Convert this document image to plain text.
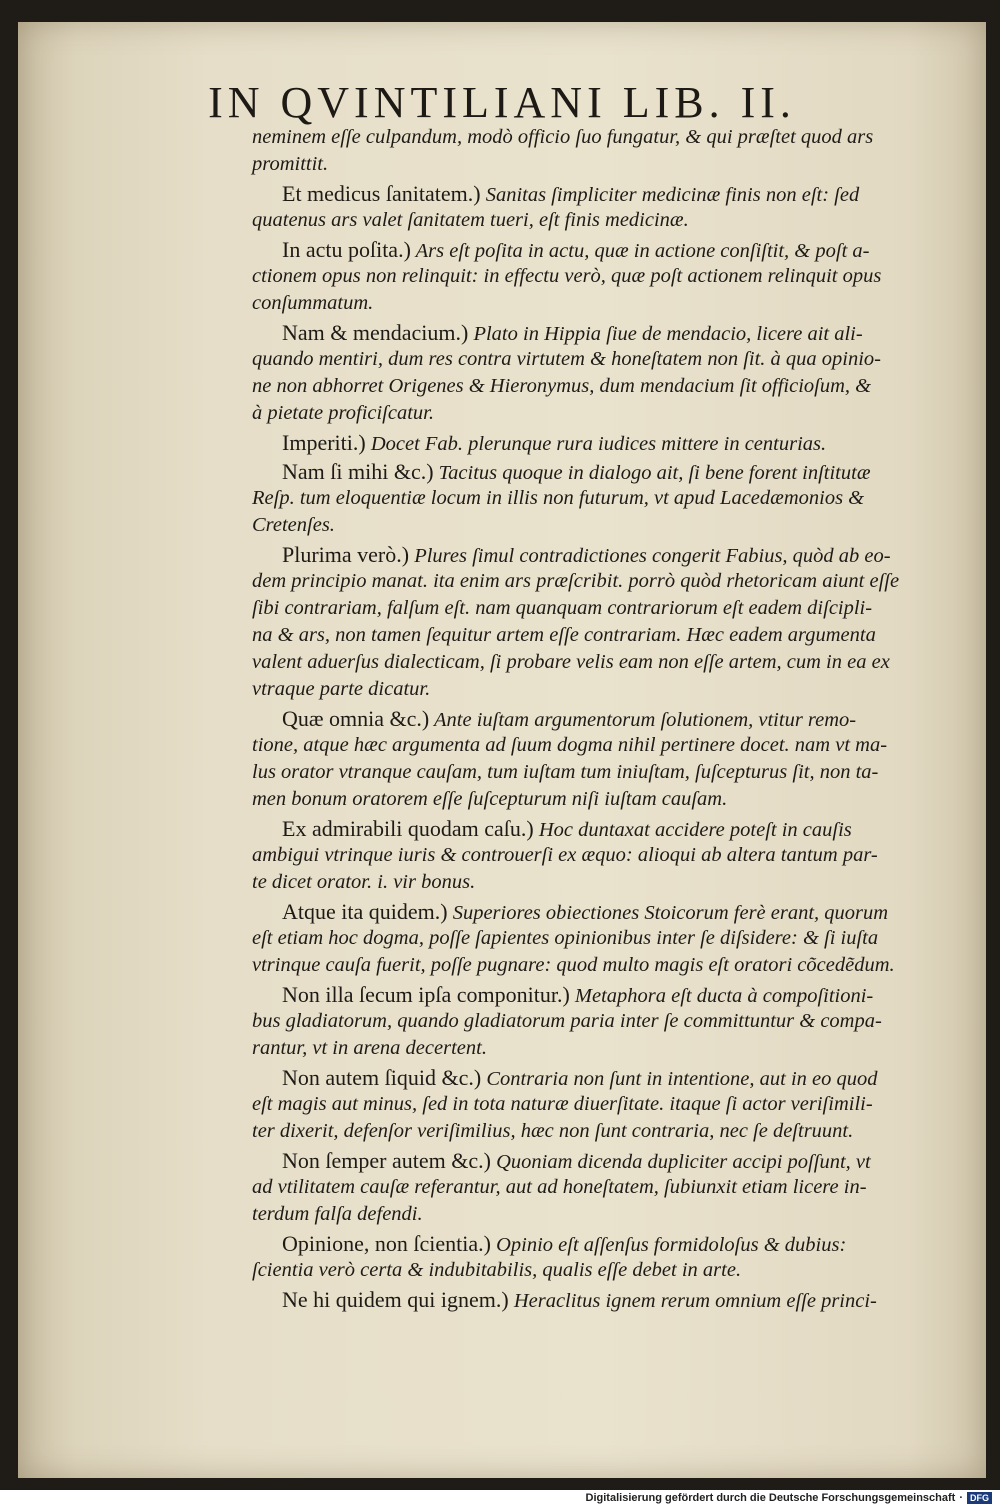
IN QVINTILIANI LIB. II.
neminem eſſe culpandum, modò officio ſuo fungatur, & qui præſtet quod ars
promittit.
Et medicus ſanitatem.) Sanitas ſimpliciter medicinæ finis non eſt: ſed
quatenus ars valet ſanitatem tueri, eſt finis medicinæ.
In actu poſita.) Ars eſt poſita in actu, quæ in actione conſiſtit, & poſt a-
ctionem opus non relinquit: in effectu verò, quæ poſt actionem relinquit opus
conſummatum.
Nam & mendacium.) Plato in Hippia ſiue de mendacio, licere ait ali-
quando mentiri, dum res contra virtutem & honeſtatem non ſit. à qua opinio-
ne non abhorret Origenes & Hieronymus, dum mendacium ſit officioſum, &
à pietate proficiſcatur.
Imperiti.) Docet Fab. plerunque rura iudices mittere in centurias.
Nam ſi mihi &c.) Tacitus quoque in dialogo ait, ſi bene forent inſtitutæ
Reſp. tum eloquentiæ locum in illis non futurum, vt apud Lacedæmonios &
Cretenſes.
Plurima verò.) Plures ſimul contradictiones congerit Fabius, quòd ab eo-
dem principio manat. ita enim ars præſcribit. porrò quòd rhetoricam aiunt eſſe
ſibi contrariam, falſum eſt. nam quanquam contrariorum eſt eadem diſcipli-
na & ars, non tamen ſequitur artem eſſe contrariam. Hæc eadem argumenta
valent aduerſus dialecticam, ſi probare velis eam non eſſe artem, cum in ea ex
vtraque parte dicatur.
Quæ omnia &c.) Ante iuſtam argumentorum ſolutionem, vtitur remo-
tione, atque hæc argumenta ad ſuum dogma nihil pertinere docet. nam vt ma-
lus orator vtranque cauſam, tum iuſtam tum iniuſtam, ſuſcepturus ſit, non ta-
men bonum oratorem eſſe ſuſcepturum niſi iuſtam cauſam.
Ex admirabili quodam caſu.) Hoc duntaxat accidere poteſt in cauſis
ambigui vtrinque iuris & controuerſi ex æquo: alioqui ab altera tantum par-
te dicet orator. i. vir bonus.
Atque ita quidem.) Superiores obiectiones Stoicorum ferè erant, quorum
eſt etiam hoc dogma, poſſe ſapientes opinionibus inter ſe diſsidere: & ſi iuſta
vtrinque cauſa fuerit, poſſe pugnare: quod multo magis eſt oratori cõcedẽdum.
Non illa ſecum ipſa componitur.) Metaphora eſt ducta à compoſitioni-
bus gladiatorum, quando gladiatorum paria inter ſe committuntur & compa-
rantur, vt in arena decertent.
Non autem ſiquid &c.) Contraria non ſunt in intentione, aut in eo quod
eſt magis aut minus, ſed in tota naturæ diuerſitate. itaque ſi actor veriſimili-
ter dixerit, defenſor veriſimilius, hæc non ſunt contraria, nec ſe deſtruunt.
Non ſemper autem &c.) Quoniam dicenda dupliciter accipi poſſunt, vt
ad vtilitatem cauſæ referantur, aut ad honeſtatem, ſubiunxit etiam licere in-
terdum falſa defendi.
Opinione, non ſcientia.) Opinio eſt aſſenſus formidoloſus & dubius:
ſcientia verò certa & indubitabilis, qualis eſſe debet in arte.
Ne hi quidem qui ignem.) Heraclitus ignem rerum omnium eſſe princi-
Digitalisierung gefördert durch die Deutsche Forschungsgemeinschaft · DFG
